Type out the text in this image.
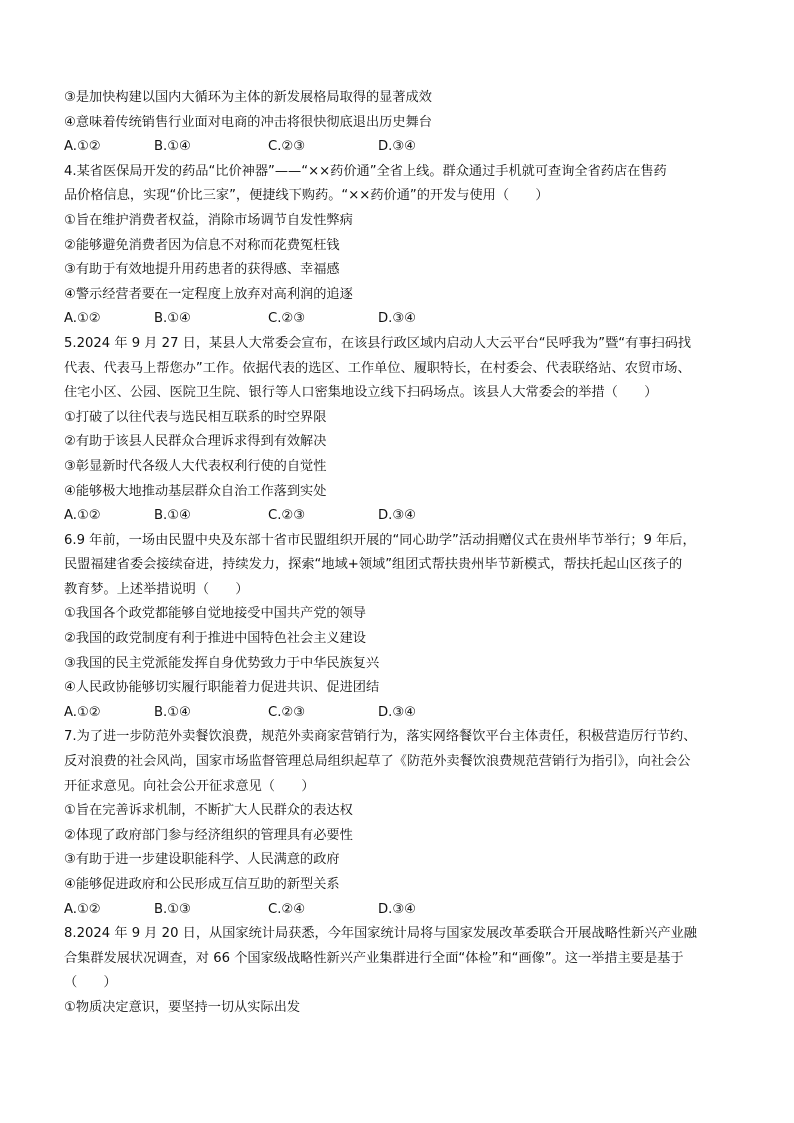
③是加快构建以国内大循环为主体的新发展格局取得的显著成效
④意味着传统销售行业面对电商的冲击将很快彻底退出历史舞台
A.①②	B.①④	C.②③	D.③④
4.某省医保局开发的药品“比价神器”——“××药价通”全省上线。群众通过手机就可查询全省药店在售药
品价格信息，实现“价比三家”，便捷线下购药。“××药价通”的开发与使用（　　）
①旨在维护消费者权益，消除市场调节自发性弊病
②能够避免消费者因为信息不对称而花费冤枉钱
③有助于有效地提升用药患者的获得感、幸福感
④警示经营者要在一定程度上放弃对高利润的追逐
A.①②	B.①④	C.②③	D.③④
5.2024 年 9 月 27 日，某县人大常委会宣布，在该县行政区域内启动人大云平台“民呼我为”暨“有事扫码找
代表、代表马上帮您办”工作。依据代表的选区、工作单位、履职特长，在村委会、代表联络站、农贸市场、
住宅小区、公园、医院卫生院、银行等人口密集地设立线下扫码场点。该县人大常委会的举措（　　）
①打破了以往代表与选民相互联系的时空界限
②有助于该县人民群众合理诉求得到有效解决
③彰显新时代各级人大代表权利行使的自觉性
④能够极大地推动基层群众自治工作落到实处
A.①②	B.①④	C.②③	D.③④
6.9 年前，一场由民盟中央及东部十省市民盟组织开展的“同心助学”活动捐赠仪式在贵州毕节举行；9 年后，
民盟福建省委会接续奋进，持续发力，探索“地域+领域”组团式帮扶贵州毕节新模式，帮扶托起山区孩子的
教育梦。上述举措说明（　　）
①我国各个政党都能够自觉地接受中国共产党的领导
②我国的政党制度有利于推进中国特色社会主义建设
③我国的民主党派能发挥自身优势致力于中华民族复兴
④人民政协能够切实履行职能着力促进共识、促进团结
A.①②	B.①④	C.②③	D.③④
7.为了进一步防范外卖餐饮浪费，规范外卖商家营销行为，落实网络餐饮平台主体责任，积极营造厉行节约、
反对浪费的社会风尚，国家市场监督管理总局组织起草了《防范外卖餐饮浪费规范营销行为指引》，向社会公
开征求意见。向社会公开征求意见（　　）
①旨在完善诉求机制，不断扩大人民群众的表达权
②体现了政府部门参与经济组织的管理具有必要性
③有助于进一步建设职能科学、人民满意的政府
④能够促进政府和公民形成互信互助的新型关系
A.①②	B.①③	C.②④	D.③④
8.2024 年 9 月 20 日，从国家统计局获悉，今年国家统计局将与国家发展改革委联合开展战略性新兴产业融
合集群发展状况调查，对 66 个国家级战略性新兴产业集群进行全面“体检”和“画像”。这一举措主要是基于
（　　）
①物质决定意识，要坚持一切从实际出发
